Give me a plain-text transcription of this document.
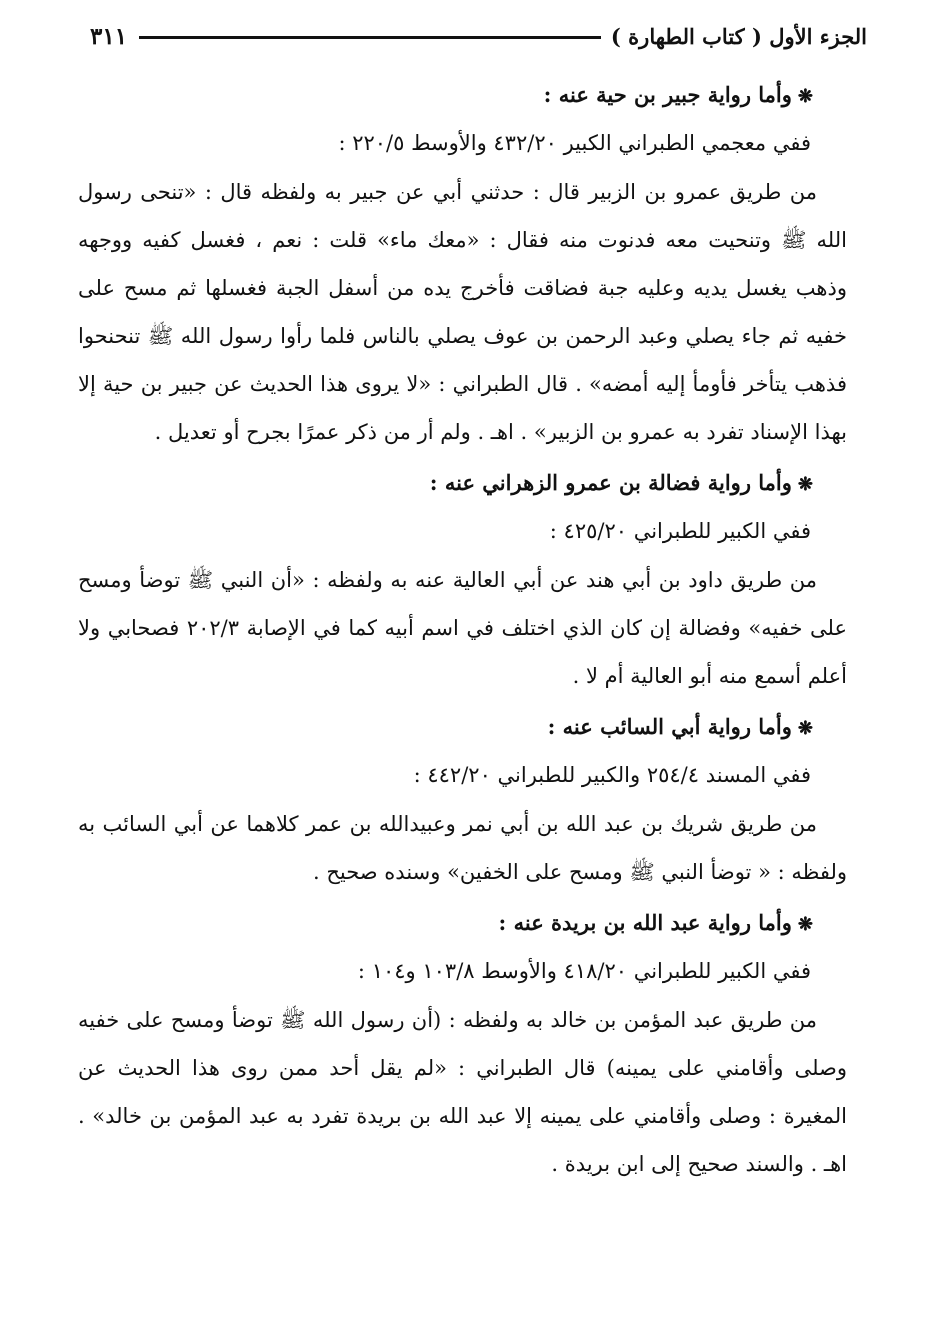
الجزء الأول ( كتاب الطهارة )
٣١١
❋وأما رواية جبير بن حية عنه :
ففي معجمي الطبراني الكبير ٤٣٢/٢٠ والأوسط ٢٢٠/٥ :

من طريق عمرو بن الزبير قال : حدثني أبي عن جبير به ولفظه قال : «تنحى رسول الله ﷺ وتنحيت معه فدنوت منه فقال : «معك ماء» قلت : نعم ، فغسل كفيه ووجهه وذهب يغسل يديه وعليه جبة فضاقت فأخرج يده من أسفل الجبة فغسلها ثم مسح على خفيه ثم جاء يصلي وعبد الرحمن بن عوف يصلي بالناس فلما رأوا رسول الله ﷺ تنحنحوا فذهب يتأخر فأومأ إليه أمضه» . قال الطبراني : «لا يروى هذا الحديث عن جبير بن حية إلا بهذا الإسناد تفرد به عمرو بن الزبير» . اهـ . ولم أر من ذكر عمرًا بجرح أو تعديل .

❋وأما رواية فضالة بن عمرو الزهراني عنه :
ففي الكبير للطبراني ٤٢٥/٢٠ :

من طريق داود بن أبي هند عن أبي العالية عنه به ولفظه : «أن النبي ﷺ توضأ ومسح على خفيه» وفضالة إن كان الذي اختلف في اسم أبيه كما في الإصابة ٢٠٢/٣ فصحابي ولا أعلم أسمع منه أبو العالية أم لا .

❋وأما رواية أبي السائب عنه :
ففي المسند ٢٥٤/٤ والكبير للطبراني ٤٤٢/٢٠ :

من طريق شريك بن عبد الله بن أبي نمر وعبيدالله بن عمر كلاهما عن أبي السائب به ولفظه : « توضأ النبي ﷺ ومسح على الخفين» وسنده صحيح .

❋وأما رواية عبد الله بن بريدة عنه :
ففي الكبير للطبراني ٤١٨/٢٠ والأوسط ١٠٣/٨ و١٠٤ :

من طريق عبد المؤمن بن خالد به ولفظه : (أن رسول الله ﷺ توضأ ومسح على خفيه وصلى وأقامني على يمينه) قال الطبراني : «لم يقل أحد ممن روى هذا الحديث عن المغيرة : وصلى وأقامني على يمينه إلا عبد الله بن بريدة تفرد به عبد المؤمن بن خالد» . اهـ . والسند صحيح إلى ابن بريدة .
